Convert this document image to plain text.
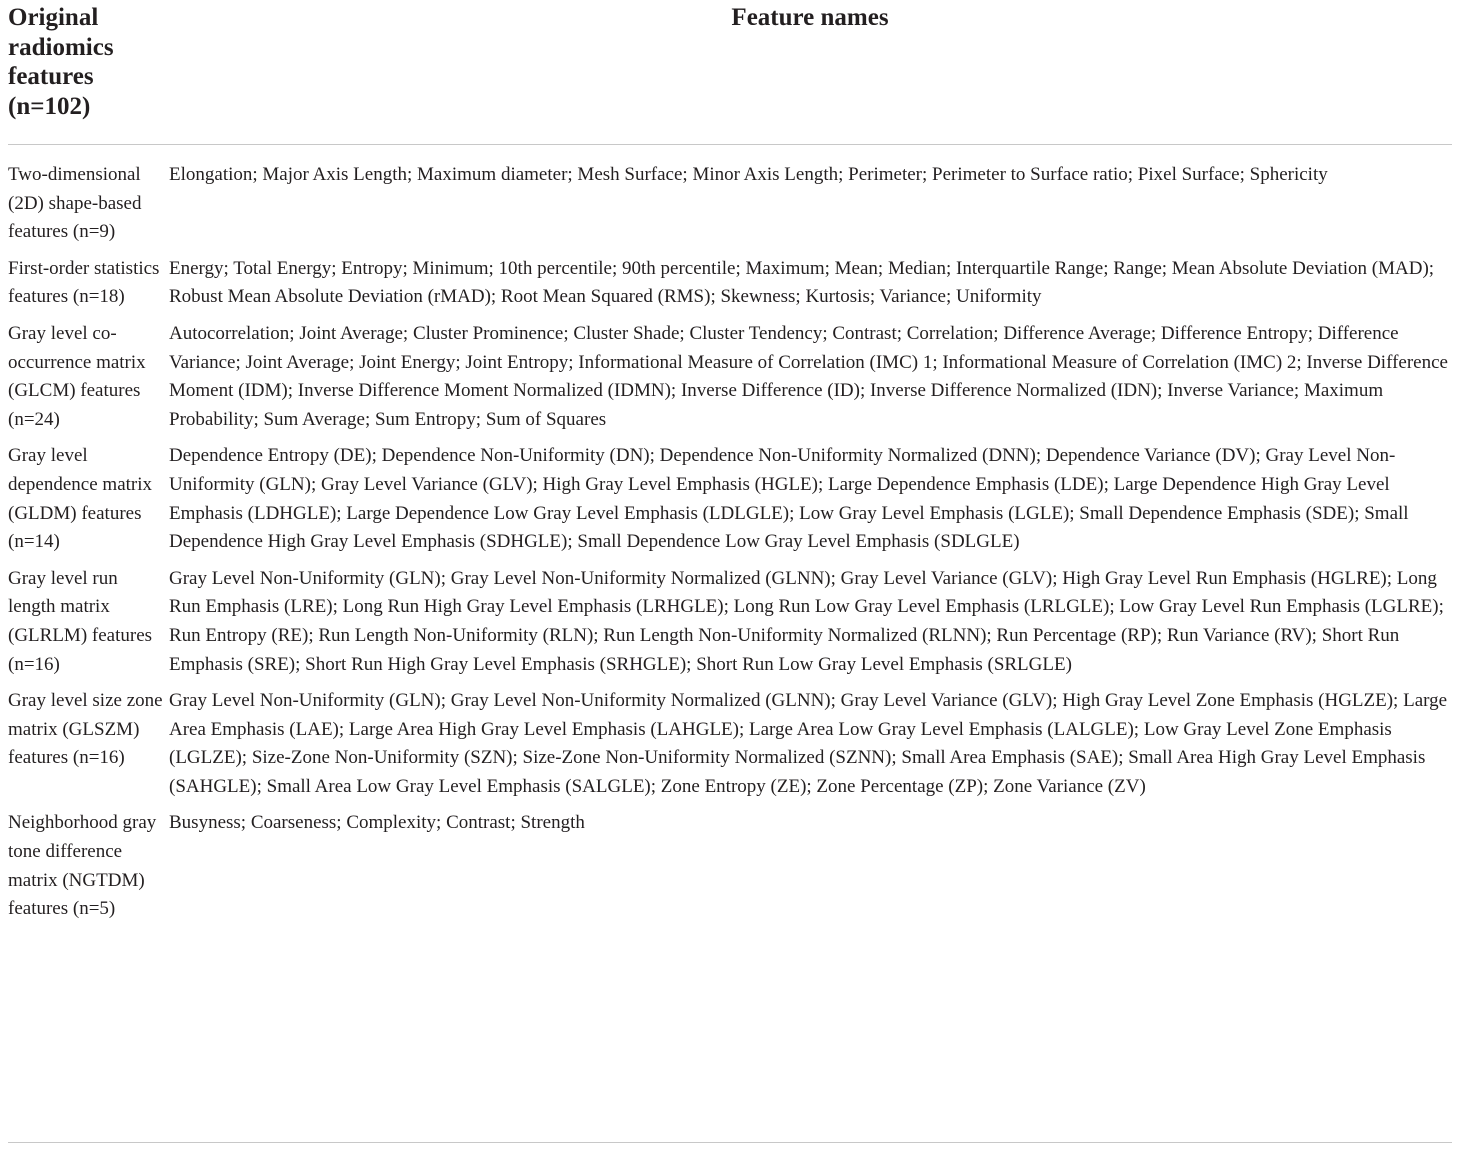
Original radiomics features (n=102)
Feature names
Two-dimensional (2D) shape-based features (n=9)
Elongation; Major Axis Length; Maximum diameter; Mesh Surface; Minor Axis Length; Perimeter; Perimeter to Surface ratio; Pixel Surface; Sphericity
First-order statistics features (n=18)
Energy; Total Energy; Entropy; Minimum; 10th percentile; 90th percentile; Maximum; Mean; Median; Interquartile Range; Range; Mean Absolute Deviation (MAD); Robust Mean Absolute Deviation (rMAD); Root Mean Squared (RMS); Skewness; Kurtosis; Variance; Uniformity
Gray level co-occurrence matrix (GLCM) features (n=24)
Autocorrelation; Joint Average; Cluster Prominence; Cluster Shade; Cluster Tendency; Contrast; Correlation; Difference Average; Difference Entropy; Difference Variance; Joint Average; Joint Energy; Joint Entropy; Informational Measure of Correlation (IMC) 1; Informational Measure of Correlation (IMC) 2; Inverse Difference Moment (IDM); Inverse Difference Moment Normalized (IDMN); Inverse Difference (ID); Inverse Difference Normalized (IDN); Inverse Variance; Maximum Probability; Sum Average; Sum Entropy; Sum of Squares
Gray level dependence matrix (GLDM) features (n=14)
Dependence Entropy (DE); Dependence Non-Uniformity (DN); Dependence Non-Uniformity Normalized (DNN); Dependence Variance (DV); Gray Level Non-Uniformity (GLN); Gray Level Variance (GLV); High Gray Level Emphasis (HGLE); Large Dependence Emphasis (LDE); Large Dependence High Gray Level Emphasis (LDHGLE); Large Dependence Low Gray Level Emphasis (LDLGLE); Low Gray Level Emphasis (LGLE); Small Dependence Emphasis (SDE); Small Dependence High Gray Level Emphasis (SDHGLE); Small Dependence Low Gray Level Emphasis (SDLGLE)
Gray level run length matrix (GLRLM) features (n=16)
Gray Level Non-Uniformity (GLN); Gray Level Non-Uniformity Normalized (GLNN); Gray Level Variance (GLV); High Gray Level Run Emphasis (HGLRE); Long Run Emphasis (LRE); Long Run High Gray Level Emphasis (LRHGLE); Long Run Low Gray Level Emphasis (LRLGLE); Low Gray Level Run Emphasis (LGLRE); Run Entropy (RE); Run Length Non-Uniformity (RLN); Run Length Non-Uniformity Normalized (RLNN); Run Percentage (RP); Run Variance (RV); Short Run Emphasis (SRE); Short Run High Gray Level Emphasis (SRHGLE); Short Run Low Gray Level Emphasis (SRLGLE)
Gray level size zone matrix (GLSZM) features (n=16)
Gray Level Non-Uniformity (GLN); Gray Level Non-Uniformity Normalized (GLNN); Gray Level Variance (GLV); High Gray Level Zone Emphasis (HGLZE); Large Area Emphasis (LAE); Large Area High Gray Level Emphasis (LAHGLE); Large Area Low Gray Level Emphasis (LALGLE); Low Gray Level Zone Emphasis (LGLZE); Size-Zone Non-Uniformity (SZN); Size-Zone Non-Uniformity Normalized (SZNN); Small Area Emphasis (SAE); Small Area High Gray Level Emphasis (SAHGLE); Small Area Low Gray Level Emphasis (SALGLE); Zone Entropy (ZE); Zone Percentage (ZP); Zone Variance (ZV)
Neighborhood gray tone difference matrix (NGTDM) features (n=5)
Busyness; Coarseness; Complexity; Contrast; Strength
